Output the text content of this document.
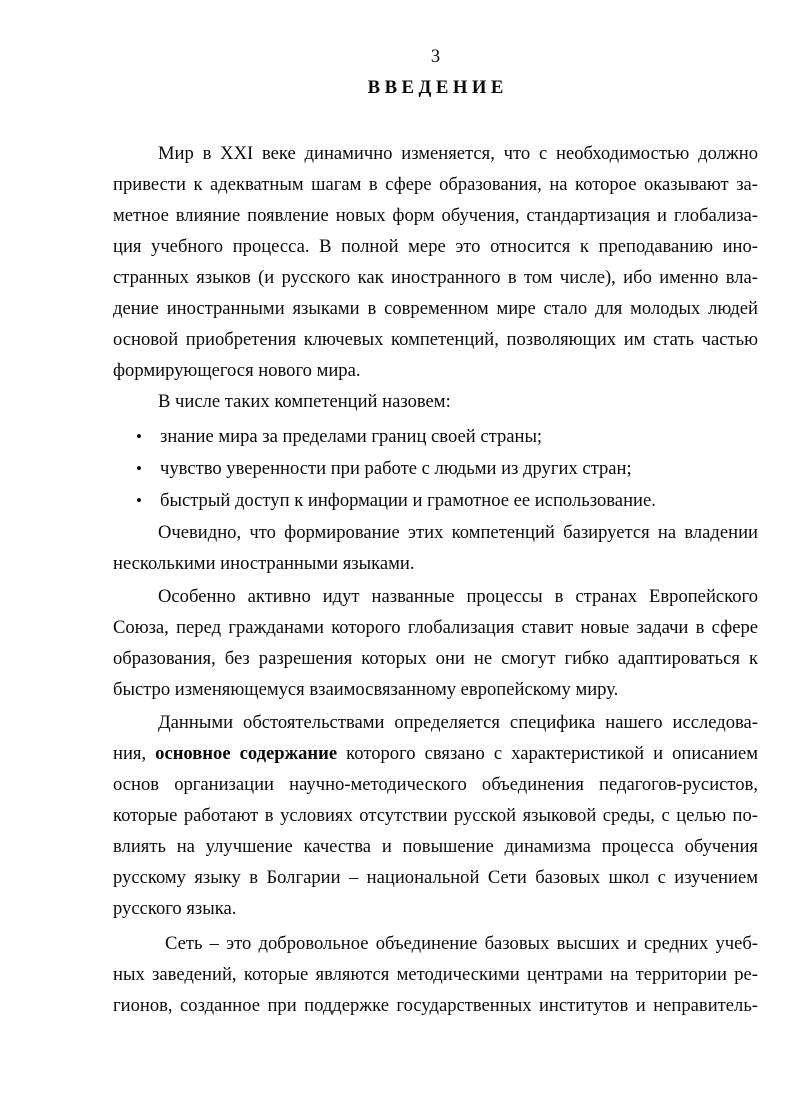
3
ВВЕДЕНИЕ
Мир в XXI веке динамично изменяется, что с необходимостью должно
привести к адекватным шагам в сфере образования, на которое оказывают за-
метное влияние появление новых форм обучения, стандартизация и глобализа-
ция учебного процесса. В полной мере это относится к преподаванию ино-
странных языков (и русского как иностранного в том числе), ибо именно вла-
дение иностранными языками в современном мире стало для молодых людей
основой приобретения ключевых компетенций, позволяющих им стать частью
формирующегося нового мира.
В числе таких компетенций назовем:
• знание мира за пределами границ своей страны;
• чувство уверенности при работе с людьми из других стран;
• быстрый доступ к информации и грамотное ее использование.
Очевидно, что формирование этих компетенций базируется на владении
несколькими иностранными языками.
Особенно активно идут названные процессы в странах Европейского
Союза, перед гражданами которого глобализация ставит новые задачи в сфере
образования, без разрешения которых они не смогут гибко адаптироваться к
быстро изменяющемуся взаимосвязанному европейскому миру.
Данными обстоятельствами определяется специфика нашего исследова-
ния, основное содержание которого связано с характеристикой и описанием
основ организации научно-методического объединения педагогов-русистов,
которые работают в условиях отсутствии русской языковой среды, с целью по-
влиять на улучшение качества и повышение динамизма процесса обучения
русскому языку в Болгарии – национальной Сети базовых школ с изучением
русского языка.
Сеть – это добровольное объединение базовых высших и средних учеб-
ных заведений, которые являются методическими центрами на территории ре-
гионов, созданное при поддержке государственных институтов и неправитель-
